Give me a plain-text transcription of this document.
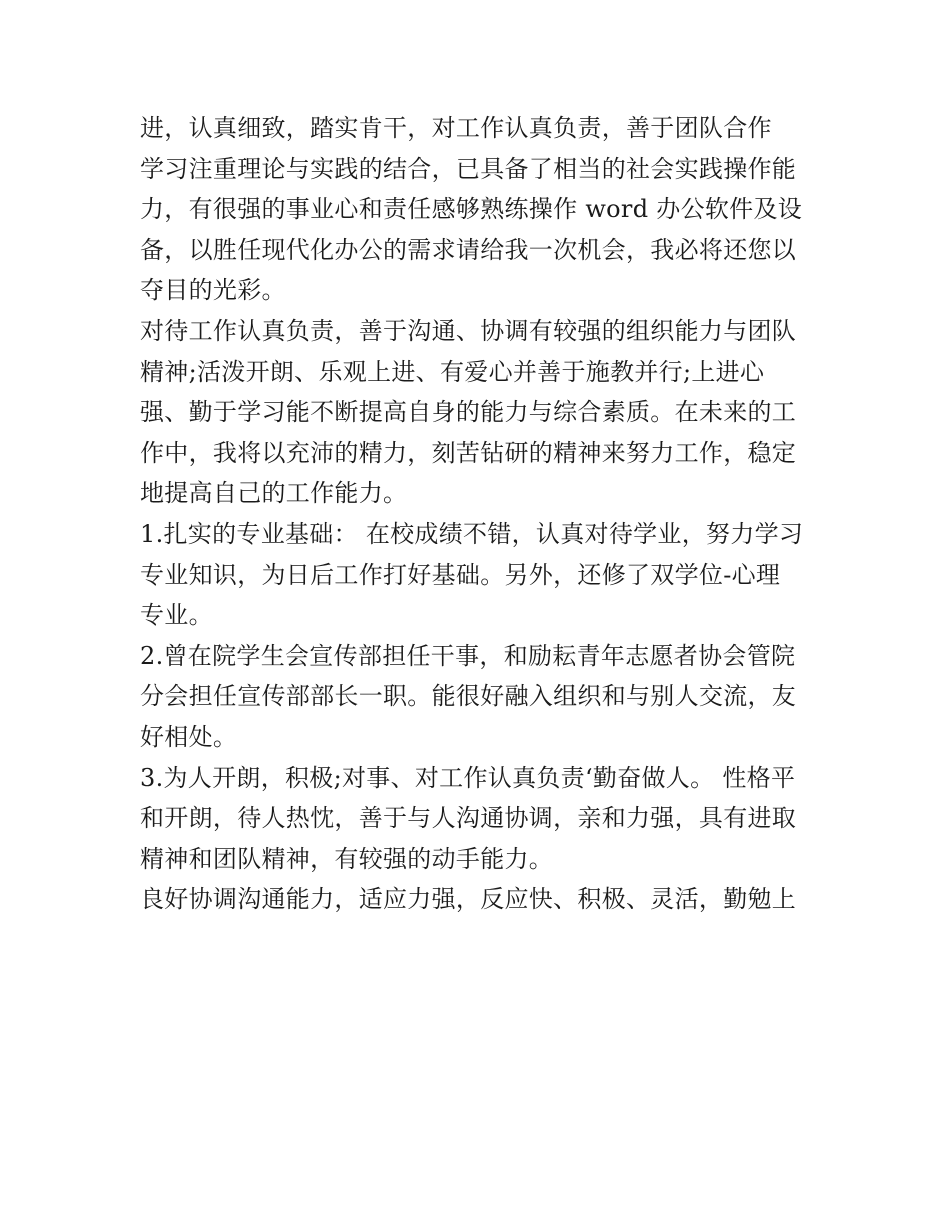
进，认真细致，踏实肯干，对工作认真负责，善于团队合作
学习注重理论与实践的结合，已具备了相当的社会实践操作能
力，有很强的事业心和责任感够熟练操作 word 办公软件及设
备，以胜任现代化办公的需求请给我一次机会，我必将还您以
夺目的光彩。
对待工作认真负责，善于沟通、协调有较强的组织能力与团队
精神;活泼开朗、乐观上进、有爱心并善于施教并行;上进心
强、勤于学习能不断提高自身的能力与综合素质。在未来的工
作中，我将以充沛的精力，刻苦钻研的精神来努力工作，稳定
地提高自己的工作能力。
1.扎实的专业基础： 在校成绩不错，认真对待学业，努力学习
专业知识，为日后工作打好基础。另外，还修了双学位-心理
专业。
2.曾在院学生会宣传部担任干事，和励耘青年志愿者协会管院
分会担任宣传部部长一职。能很好融入组织和与别人交流，友
好相处。
3.为人开朗，积极;对事、对工作认真负责‘勤奋做人。 性格平
和开朗，待人热忱，善于与人沟通协调，亲和力强，具有进取
精神和团队精神，有较强的动手能力。
良好协调沟通能力，适应力强，反应快、积极、灵活，勤勉上
